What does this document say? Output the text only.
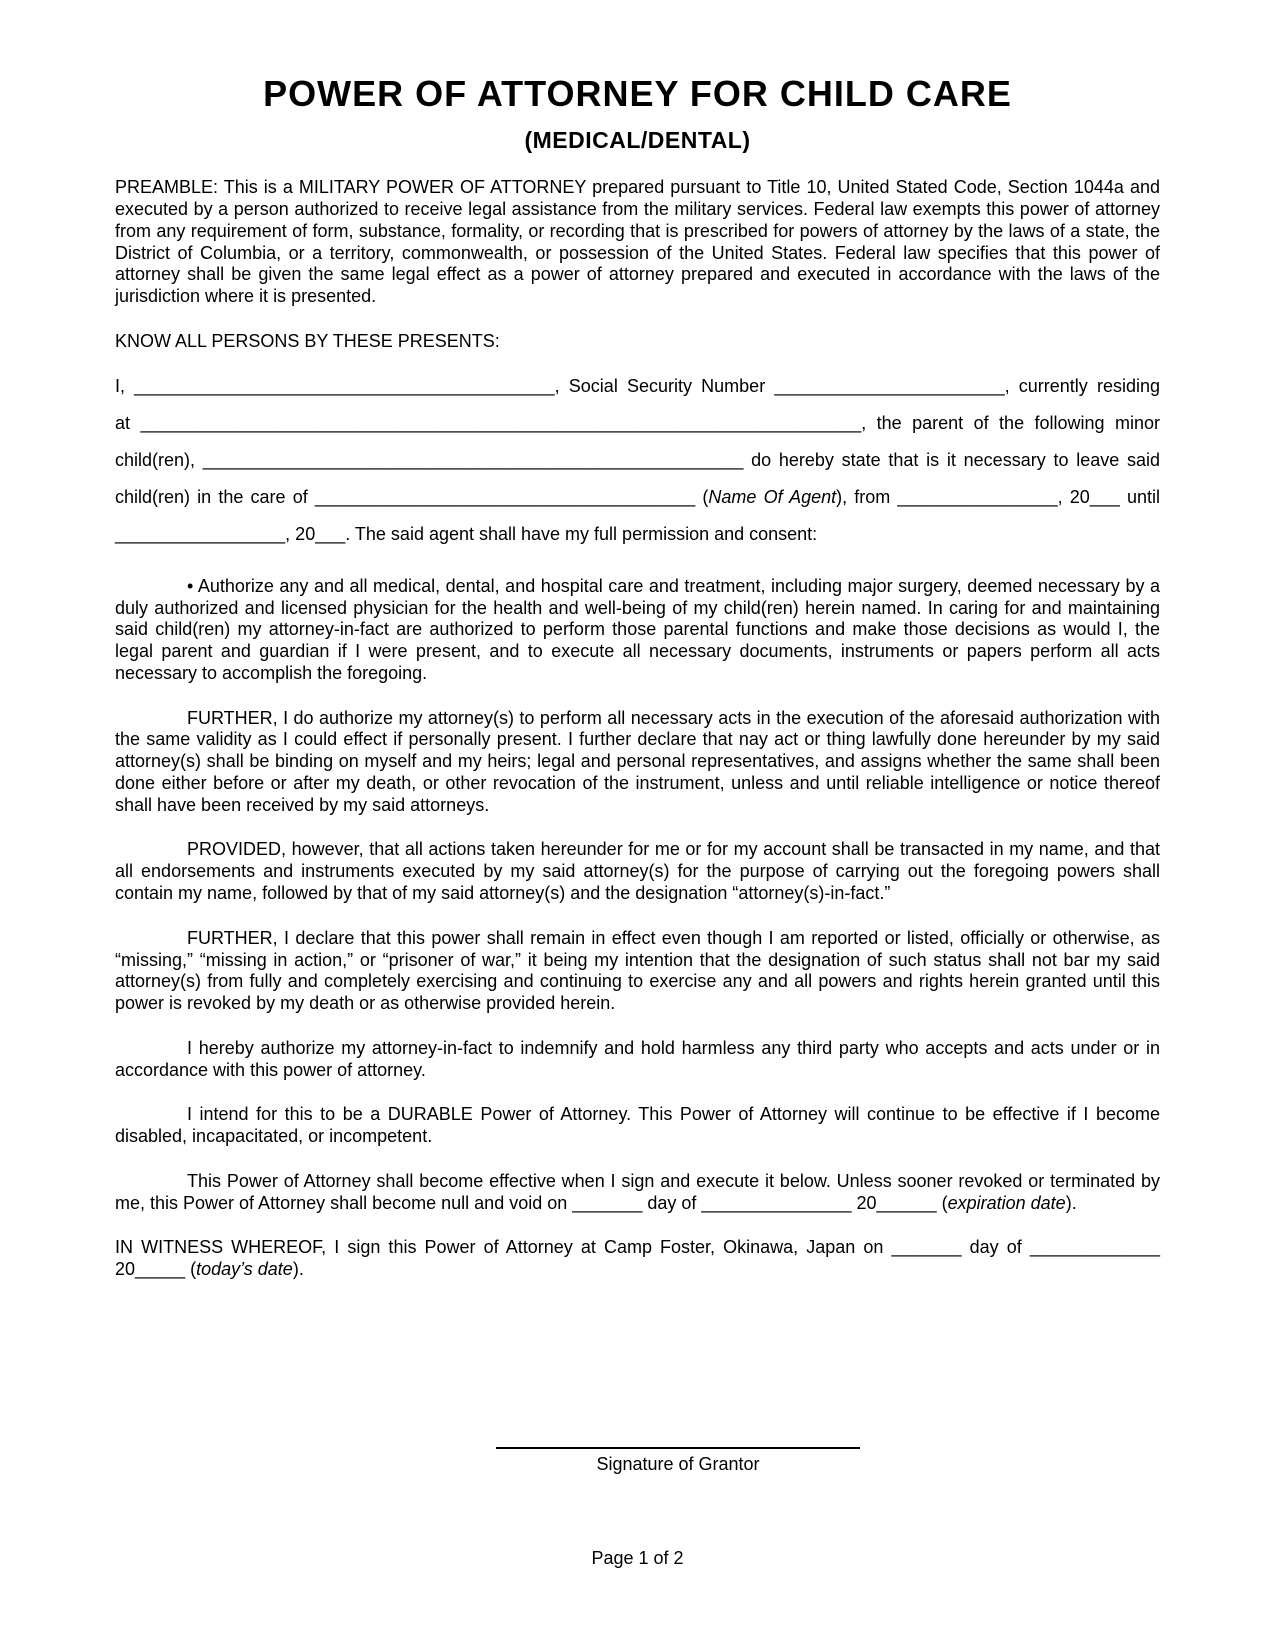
POWER OF ATTORNEY FOR CHILD CARE
(MEDICAL/DENTAL)

PREAMBLE: This is a MILITARY POWER OF ATTORNEY prepared pursuant to Title 10, United Stated Code, Section 1044a and executed by a person authorized to receive legal assistance from the military services. Federal law exempts this power of attorney from any requirement of form, substance, formality, or recording that is prescribed for powers of attorney by the laws of a state, the District of Columbia, or a territory, commonwealth, or possession of the United States. Federal law specifies that this power of attorney shall be given the same legal effect as a power of attorney prepared and executed in accordance with the laws of the jurisdiction where it is presented.

KNOW ALL PERSONS BY THESE PRESENTS:

I, __________________________________________, Social Security Number _______________________, currently residing
at ________________________________________________________________________, the parent of the following minor
child(ren), ______________________________________________________ do hereby state that is it necessary to leave said
child(ren) in the care of ______________________________________ (Name Of Agent), from ________________, 20___ until
_________________, 20___. The said agent shall have my full permission and consent:

• Authorize any and all medical, dental, and hospital care and treatment, including major surgery, deemed necessary by a duly authorized and licensed physician for the health and well-being of my child(ren) herein named. In caring for and maintaining said child(ren) my attorney-in-fact are authorized to perform those parental functions and make those decisions as would I, the legal parent and guardian if I were present, and to execute all necessary documents, instruments or papers perform all acts necessary to accomplish the foregoing.

FURTHER, I do authorize my attorney(s) to perform all necessary acts in the execution of the aforesaid authorization with the same validity as I could effect if personally present. I further declare that nay act or thing lawfully done hereunder by my said attorney(s) shall be binding on myself and my heirs; legal and personal representatives, and assigns whether the same shall been done either before or after my death, or other revocation of the instrument, unless and until reliable intelligence or notice thereof shall have been received by my said attorneys.

PROVIDED, however, that all actions taken hereunder for me or for my account shall be transacted in my name, and that all endorsements and instruments executed by my said attorney(s) for the purpose of carrying out the foregoing powers shall contain my name, followed by that of my said attorney(s) and the designation “attorney(s)-in-fact.”

FURTHER, I declare that this power shall remain in effect even though I am reported or listed, officially or otherwise, as “missing,” “missing in action,” or “prisoner of war,” it being my intention that the designation of such status shall not bar my said attorney(s) from fully and completely exercising and continuing to exercise any and all powers and rights herein granted until this power is revoked by my death or as otherwise provided herein.

I hereby authorize my attorney-in-fact to indemnify and hold harmless any third party who accepts and acts under or in accordance with this power of attorney.

I intend for this to be a DURABLE Power of Attorney. This Power of Attorney will continue to be effective if I become disabled, incapacitated, or incompetent.

This Power of Attorney shall become effective when I sign and execute it below. Unless sooner revoked or terminated by me, this Power of Attorney shall become null and void on _______ day of _______________ 20______ (expiration date).

IN WITNESS WHEREOF, I sign this Power of Attorney at Camp Foster, Okinawa, Japan on _______ day of _____________ 20_____ (today’s date).

Signature of Grantor
Page 1 of 2
